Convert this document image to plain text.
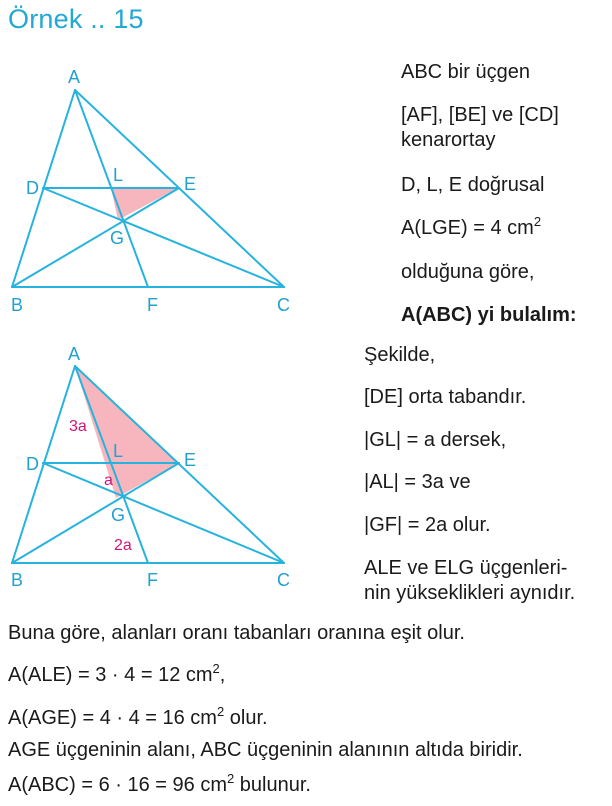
Örnek .. 15
A
D	E
L
G
B	F	C
A
D	E
L
G
B	F	C
3a
a
2a
ABC bir üçgen
[AF], [BE] ve [CD]
kenarortay
D, L, E doğrusal
A(LGE) = 4 $cm^2$
olduğuna göre,
A(ABC) yi bulalım:
Şekilde,
[DE] orta tabandır.
|GL| = a dersek,
|AL| = 3a ve
|GF| = 2a olur.
ALE ve ELG üçgenleri-
nin yükseklikleri aynıdır.
Buna göre, alanları oranı tabanları oranına eşit olur.
A(ALE) = 3 · 4 = 12 $cm^2$,
A(AGE) = 4 · 4 = 16 $cm^2$ olur.
AGE üçgeninin alanı, ABC üçgeninin alanının altıda biridir.
A(ABC) = 6 · 16 = 96 $cm^2$ bulunur.
